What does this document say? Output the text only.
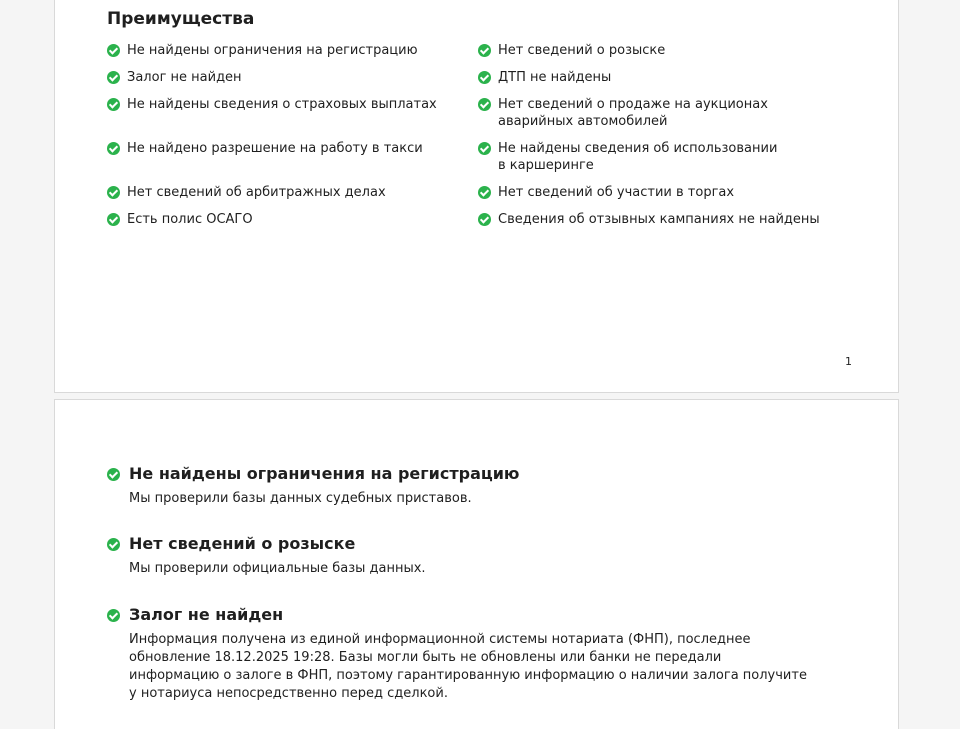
Преимущества
Не найдены ограничения на регистрацию
Залог не найден
Не найдены сведения о страховых выплатах
Не найдено разрешение на работу в такси
Нет сведений об арбитражных делах
Есть полис ОСАГО
Нет сведений о розыске
ДТП не найдены
Нет сведений о продаже на аукционах аварийных автомобилей
Не найдены сведения об использовании в каршеринге
Нет сведений об участии в торгах
Сведения об отзывных кампаниях не найдены
1
Не найдены ограничения на регистрацию

Мы проверили базы данных судебных приставов.

Нет сведений о розыске

Мы проверили официальные базы данных.

Залог не найден

Информация получена из единой информационной системы нотариата (ФНП), последнее обновление 18.12.2025 19:28. Базы могли быть не обновлены или банки не передали информацию о залоге в ФНП, поэтому гарантированную информацию о наличии залога получите у нотариуса непосредственно перед сделкой.
